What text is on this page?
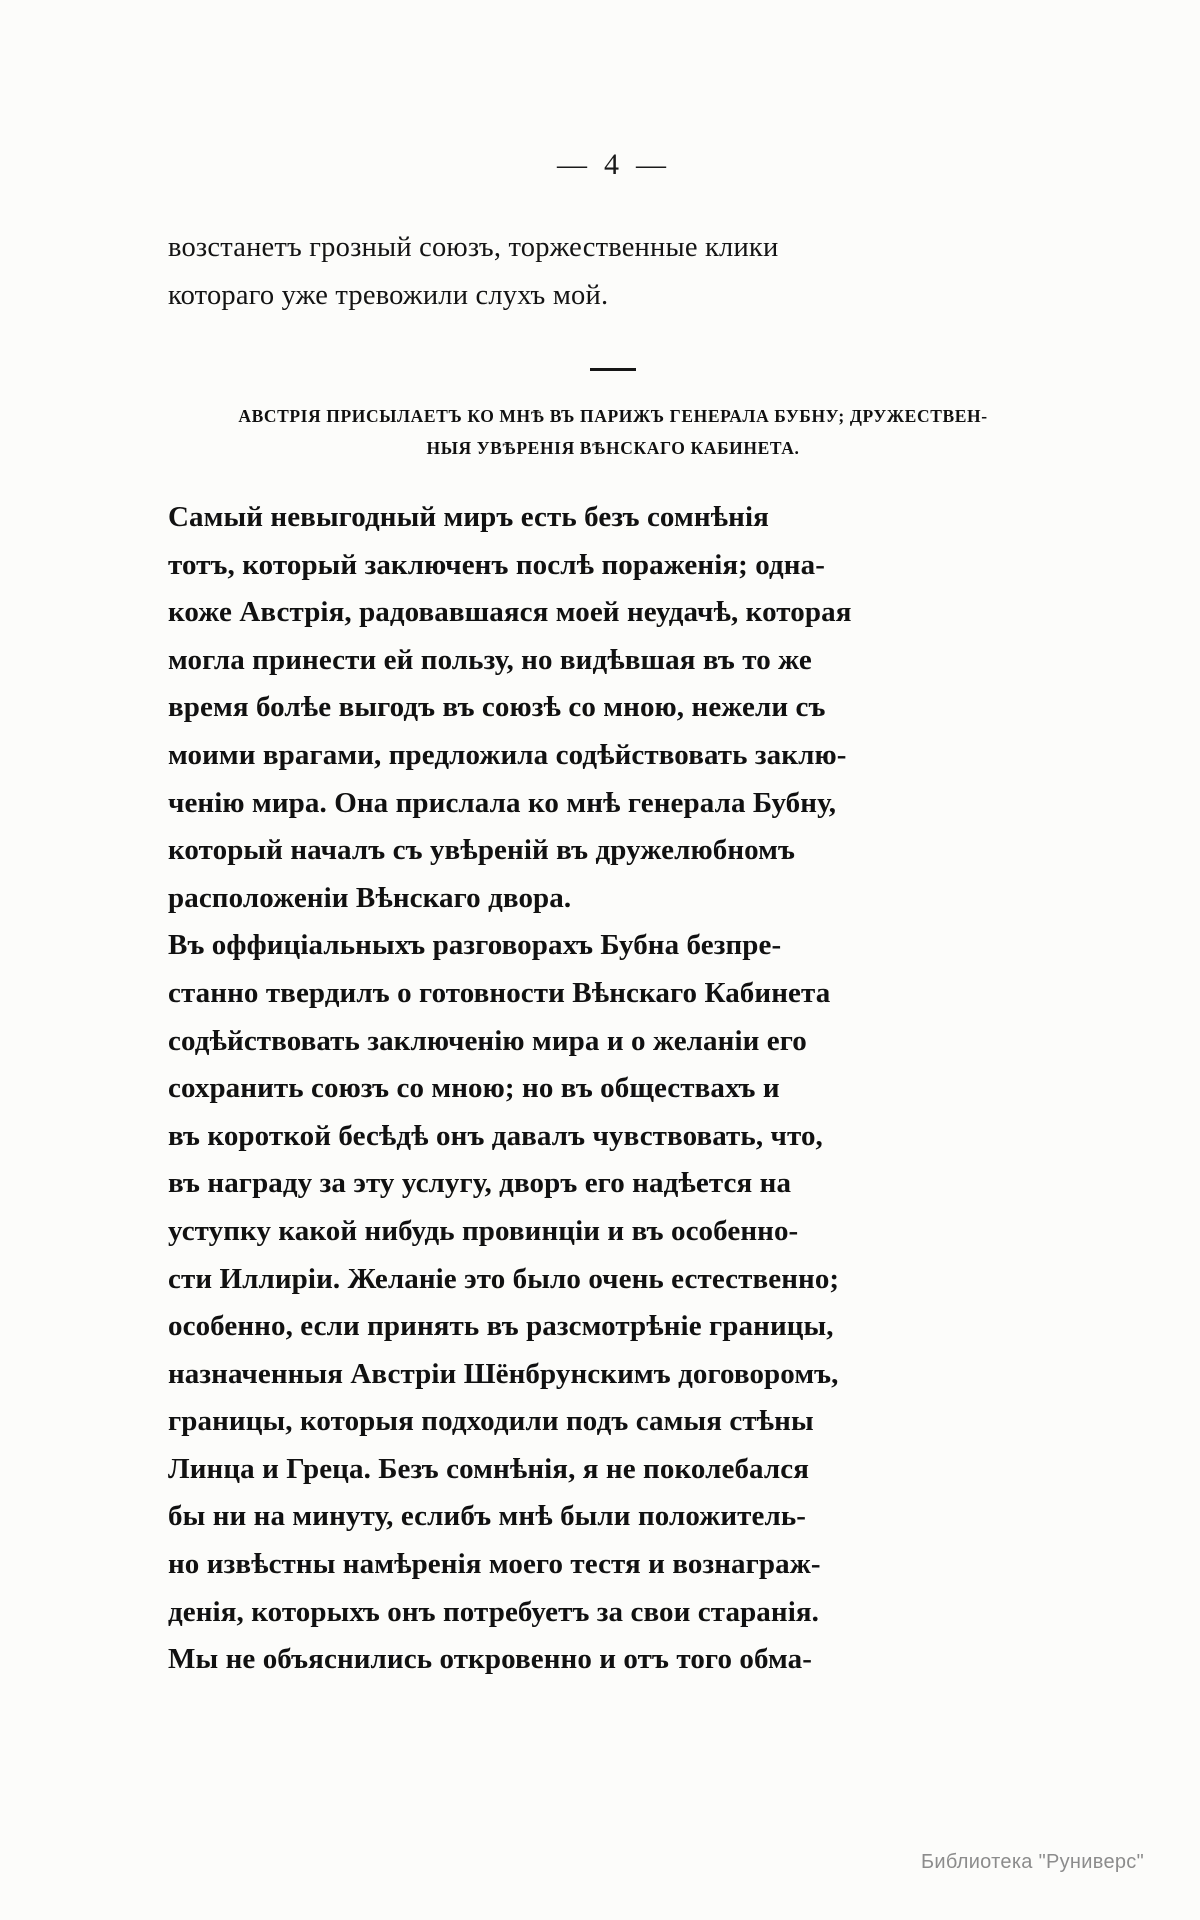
— 4 —

возстанетъ грозный союзъ, торжественные клики
котораго уже тревожили слухъ мой.

АВСТРІЯ ПРИСЫЛАЕТЪ КО МНѢ ВЪ ПАРИЖЪ ГЕНЕРАЛА БУБНУ; ДРУЖЕСТВЕН-
НЫЯ УВѢРЕНІЯ ВѢНСКАГО КАБИНЕТА.
Самый невыгодный миръ есть безъ сомнѣнія
тотъ, который заключенъ послѣ пораженія; одна-
коже Австрія, радовавшаяся моей неудачѣ, которая
могла принести ей пользу, но видѣвшая въ то же
время болѣе выгодъ въ союзѣ со мною, нежели съ
моими врагами, предложила содѣйствовать заклю-
ченію мира. Она прислала ко мнѣ генерала Бубну,
который началъ съ увѣреній въ дружелюбномъ
расположеніи Вѣнскаго двора.
Въ оффиціальныхъ разговорахъ Бубна безпре-
станно твердилъ о готовности Вѣнскаго Кабинета
содѣйствовать заключенію мира и о желаніи его
сохранить союзъ со мною; но въ обществахъ и
въ короткой бесѣдѣ онъ давалъ чувствовать, что,
въ награду за эту услугу, дворъ его надѣется на
уступку какой нибудь провинціи и въ особенно-
сти Иллиріи. Желаніе это было очень естественно;
особенно, если принять въ разсмотрѣніе границы,
назначенныя Австріи Шёнбрунскимъ договоромъ,
границы, которыя подходили подъ самыя стѣны
Линца и Греца. Безъ сомнѣнія, я не поколебался
бы ни на минуту, еслибъ мнѣ были положитель-
но извѣстны намѣренія моего тестя и вознаграж-
денія, которыхъ онъ потребуетъ за свои старанія.
Мы не объяснились откровенно и отъ того обма-
Библиотека "Руниверс"
